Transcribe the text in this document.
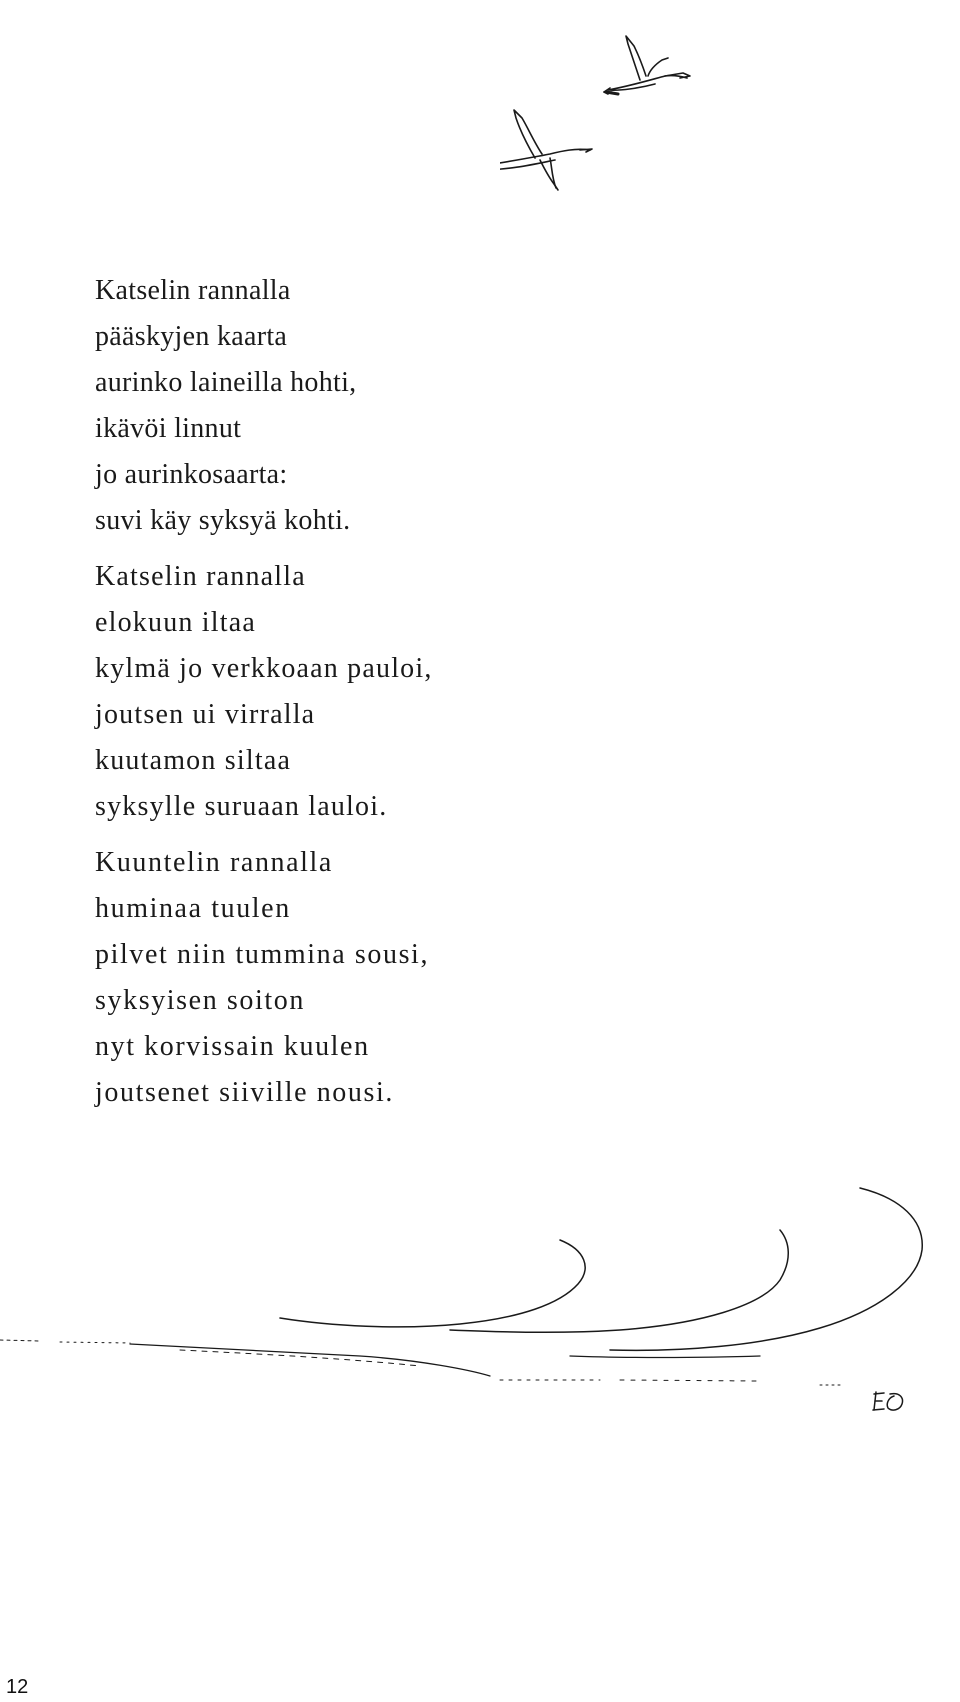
Katselin rannalla
pääskyjen kaarta
aurinko laineilla hohti,
ikävöi linnut
jo aurinkosaarta:
suvi käy syksyä kohti.
Katselin rannalla
elokuun iltaa
kylmä jo verkkoaan pauloi,
joutsen ui virralla
kuutamon siltaa
syksylle suruaan lauloi.
Kuuntelin rannalla
huminaa tuulen
pilvet niin tummina sousi,
syksyisen soiton
nyt korvissain kuulen
joutsenet siiville nousi.
12
